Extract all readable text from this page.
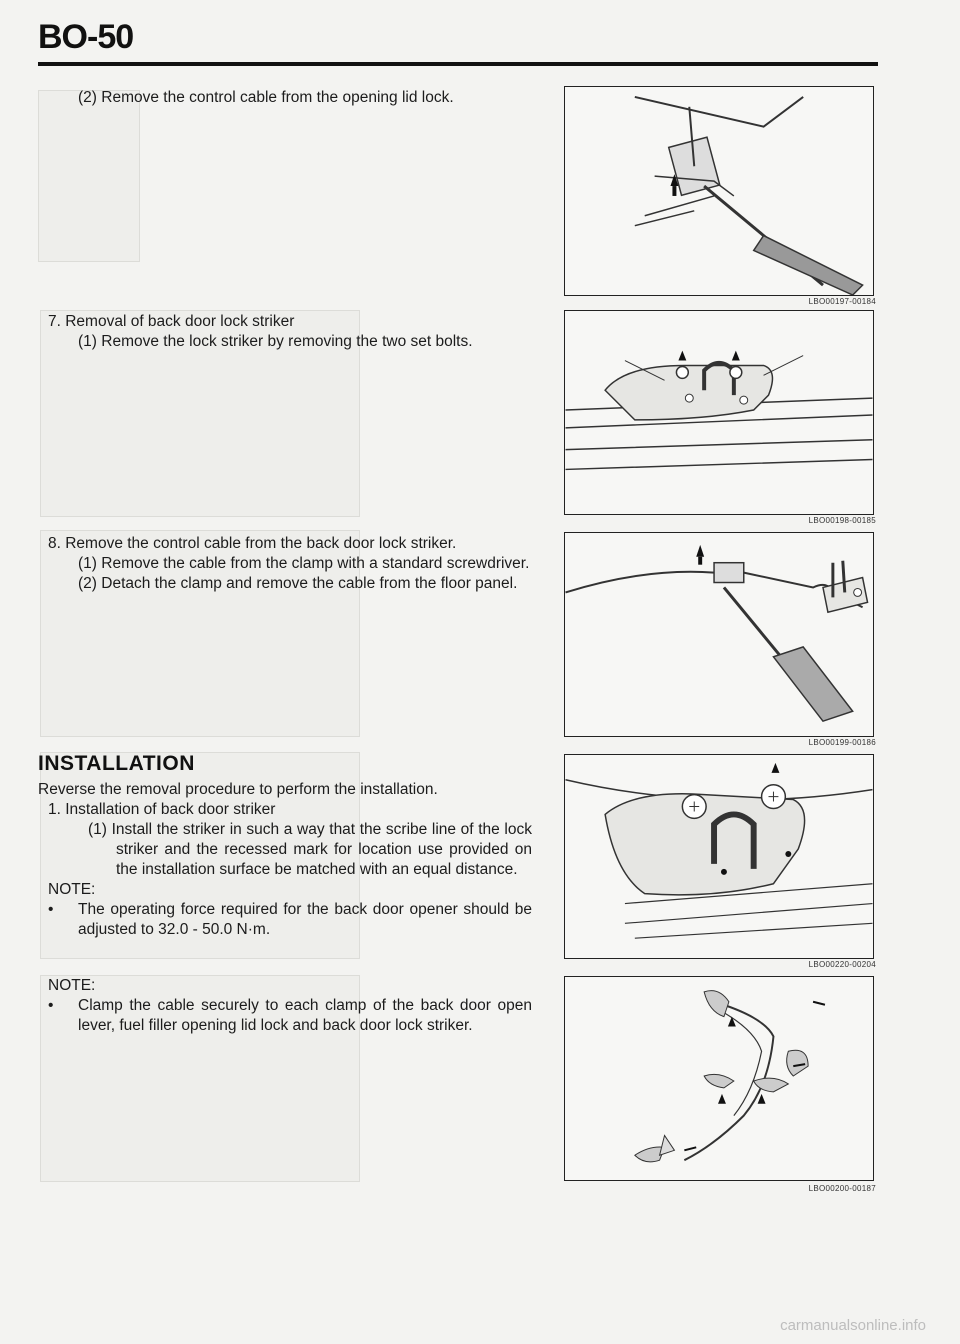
BO-50

(2) Remove the control cable from the opening lid lock.

7. Removal of back door lock striker

(1) Remove the lock striker by removing the two set bolts.

8. Remove the control cable from the back door lock striker.

(1) Remove the cable from the clamp with a standard screwdriver.

(2) Detach the clamp and remove the cable from the floor panel.

INSTALLATION

Reverse the removal procedure to perform the installation.

1. Installation of back door striker

(1) Install the striker in such a way that the scribe line of the lock striker and the recessed mark for location use provided on the installation surface be matched with an equal distance.

NOTE:

• The operating force required for the back door opener should be adjusted to 32.0 - 50.0 N·m.

NOTE:

• Clamp the cable securely to each clamp of the back door open lever, fuel filler opening lid lock and back door lock striker.

LBO00197-00184
LBO00198-00185
LBO00199-00186
LBO00220-00204
LBO00200-00187
carmanualsonline.info
